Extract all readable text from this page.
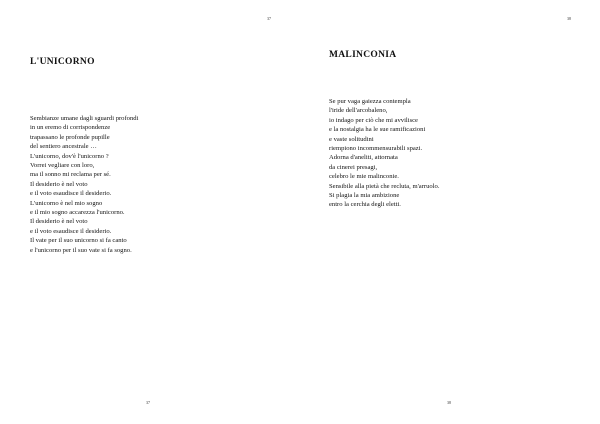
37
L'UNICORNO
Sembianze umane dagli sguardi profondi
in un eremo di corrispondenze
trapassano le profonde pupille
del sentiero ancestrale …
L'unicorno, dov'è l'unicorno ?
Vorrei vegliare con loro,
ma il sonno mi reclama per sé.
Il desiderio è nel voto
e il voto esaudisce il desiderio.
L'unicorno è nel mio sogno
e il mio sogno accarezza l'unicorno.
Il desiderio è nel voto
e il voto esaudisce il desiderio.
Il vate per il suo unicorno si fa canto
e l'unicorno per il suo vate si fa sogno.
37
38
MALINCONIA
Se pur vaga gaiezza contempla
l'iride dell'arcobaleno,
io indago per ciò che mi avvilisce
e la nostalgia ha le sue ramificazioni
e vaste solitudini
riempiono incommensurabili spazi.
Adorna d'aneliti, attornata
da cinerei presagi,
celebro le mie malinconie.
Sensibile alla pietà che recluta, m'arruolo.
Si plagia la mia ambizione
entro la cerchia degli eletti.
38
